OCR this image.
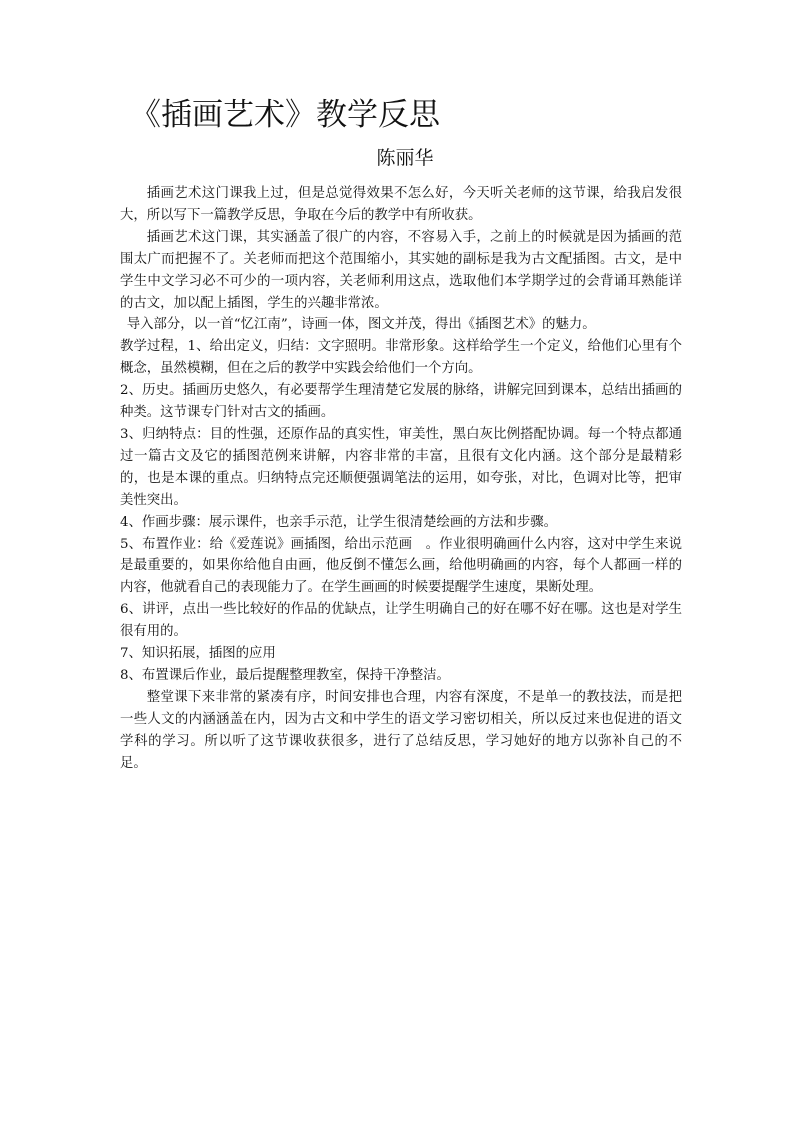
《插画艺术》教学反思
陈丽华

插画艺术这门课我上过，但是总觉得效果不怎么好，今天听关老师的这节课，给我启发很大，所以写下一篇教学反思，争取在今后的教学中有所收获。

插画艺术这门课，其实涵盖了很广的内容，不容易入手，之前上的时候就是因为插画的范围太广而把握不了。关老师而把这个范围缩小，其实她的副标是我为古文配插图。古文，是中学生中文学习必不可少的一项内容，关老师利用这点，选取他们本学期学过的会背诵耳熟能详的古文，加以配上插图，学生的兴趣非常浓。

导入部分，以一首“忆江南”，诗画一体，图文并茂，得出《插图艺术》的魅力。

教学过程，1、给出定义，归结：文字照明。非常形象。这样给学生一个定义，给他们心里有个概念，虽然模糊，但在之后的教学中实践会给他们一个方向。

2、历史。插画历史悠久，有必要帮学生理清楚它发展的脉络，讲解完回到课本，总结出插画的种类。这节课专门针对古文的插画。

3、归纳特点：目的性强，还原作品的真实性，审美性，黑白灰比例搭配协调。每一个特点都通过一篇古文及它的插图范例来讲解，内容非常的丰富，且很有文化内涵。这个部分是最精彩的，也是本课的重点。归纳特点完还顺便强调笔法的运用，如夸张，对比，色调对比等，把审美性突出。

4、作画步骤：展示课件，也亲手示范，让学生很清楚绘画的方法和步骤。

5、布置作业：给《爱莲说》画插图，给出示范画　。作业很明确画什么内容，这对中学生来说是最重要的，如果你给他自由画，他反倒不懂怎么画，给他明确画的内容，每个人都画一样的内容，他就看自己的表现能力了。在学生画画的时候要提醒学生速度，果断处理。

6、讲评，点出一些比较好的作品的优缺点，让学生明确自己的好在哪不好在哪。这也是对学生很有用的。

7、知识拓展，插图的应用

8、布置课后作业，最后提醒整理教室，保持干净整洁。

整堂课下来非常的紧凑有序，时间安排也合理，内容有深度，不是单一的教技法，而是把一些人文的内涵涵盖在内，因为古文和中学生的语文学习密切相关，所以反过来也促进的语文学科的学习。所以听了这节课收获很多，进行了总结反思，学习她好的地方以弥补自己的不足。
